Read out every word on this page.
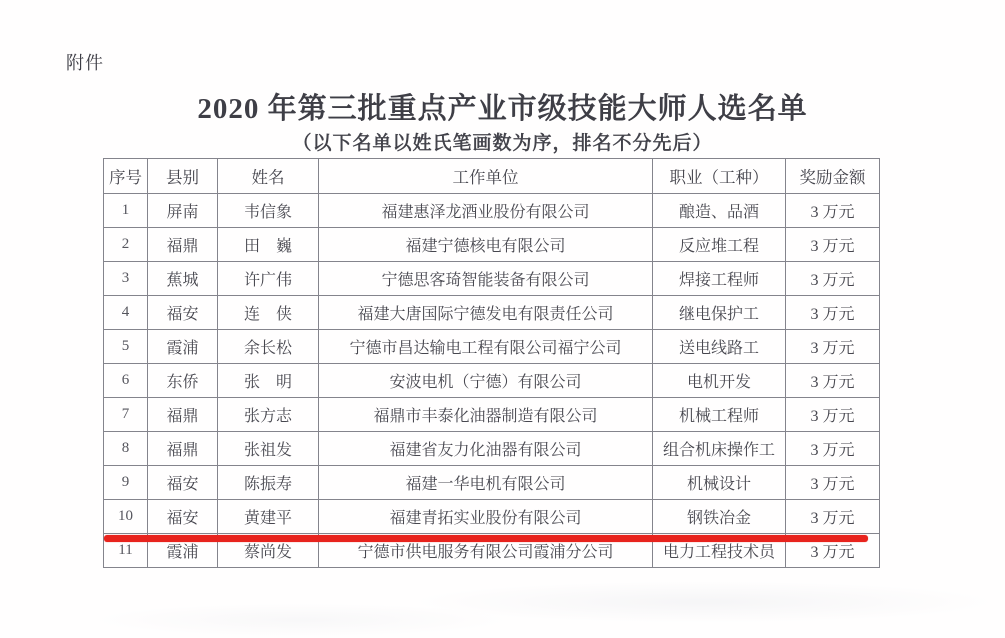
附件
2020 年第三批重点产业市级技能大师人选名单
（以下名单以姓氏笔画数为序，排名不分先后）
序号	县别	姓名	工作单位	职业（工种）	奖励金额
1	屏南	韦信象	福建惠泽龙酒业股份有限公司	酿造、品酒	3 万元
2	福鼎	田　巍	福建宁德核电有限公司	反应堆工程	3 万元
3	蕉城	许广伟	宁德思客琦智能装备有限公司	焊接工程师	3 万元
4	福安	连　侠	福建大唐国际宁德发电有限责任公司	继电保护工	3 万元
5	霞浦	余长松	宁德市昌达输电工程有限公司福宁公司	送电线路工	3 万元
6	东侨	张　明	安波电机（宁德）有限公司	电机开发	3 万元
7	福鼎	张方志	福鼎市丰泰化油器制造有限公司	机械工程师	3 万元
8	福鼎	张祖发	福建省友力化油器有限公司	组合机床操作工	3 万元
9	福安	陈振寿	福建一华电机有限公司	机械设计	3 万元
10	福安	黄建平	福建青拓实业股份有限公司	钢铁冶金	3 万元
11	霞浦	蔡尚发	宁德市供电服务有限公司霞浦分公司	电力工程技术员	3 万元
